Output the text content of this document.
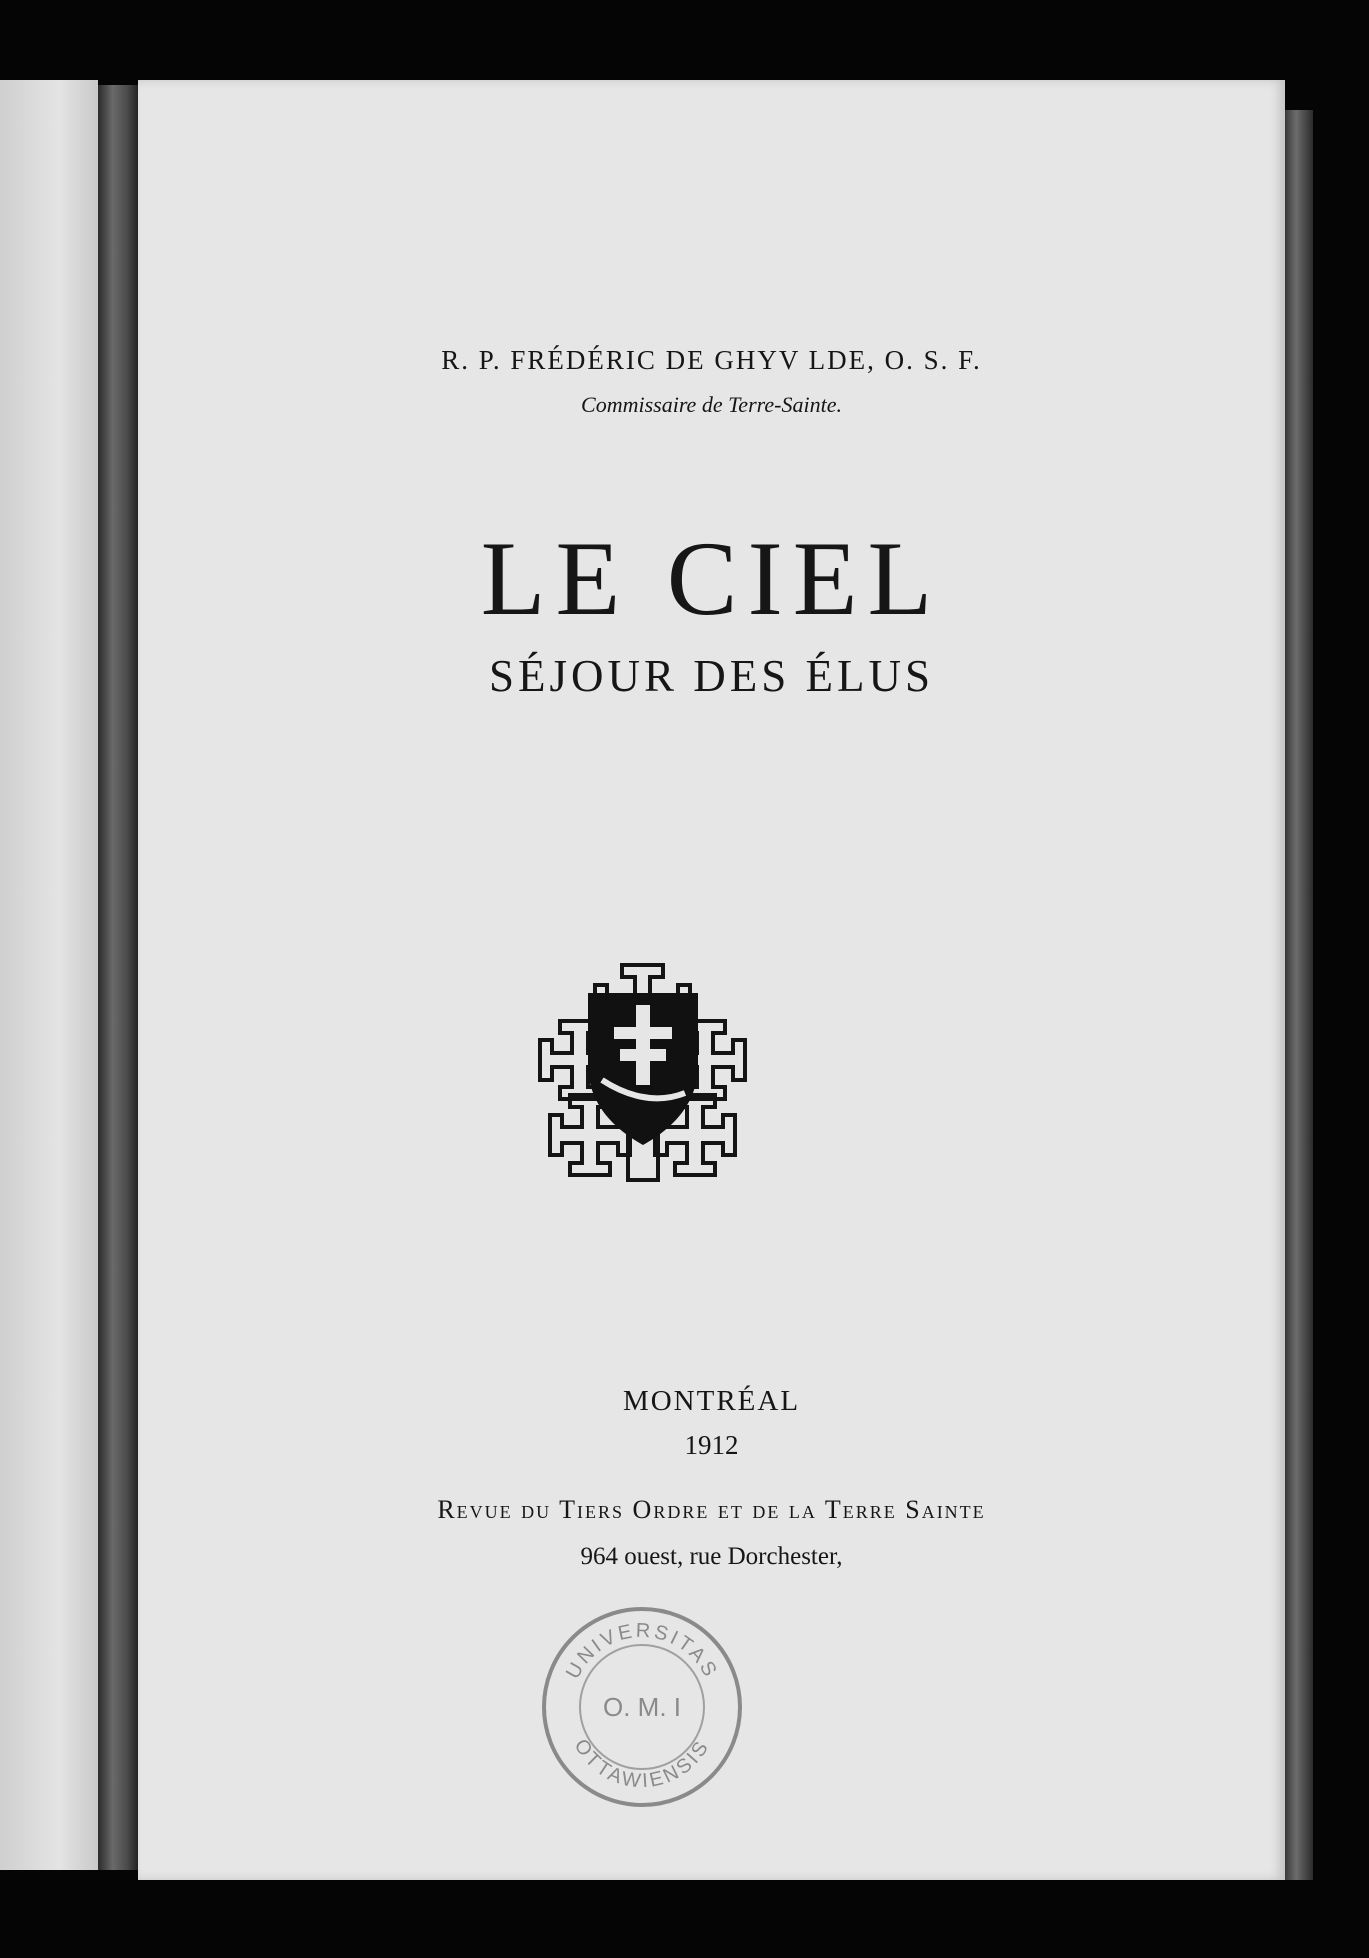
R. P. FRÉDÉRIC DE GHYV LDE, O. S. F.
Commissaire de Terre-Sainte.
LE CIEL
SÉJOUR DES ÉLUS
MONTRÉAL
1912
Revue du Tiers Ordre et de la Terre Sainte
964 ouest, rue Dorchester,
UNIVERSITAS
O. M. I
OTTAWIENSIS
